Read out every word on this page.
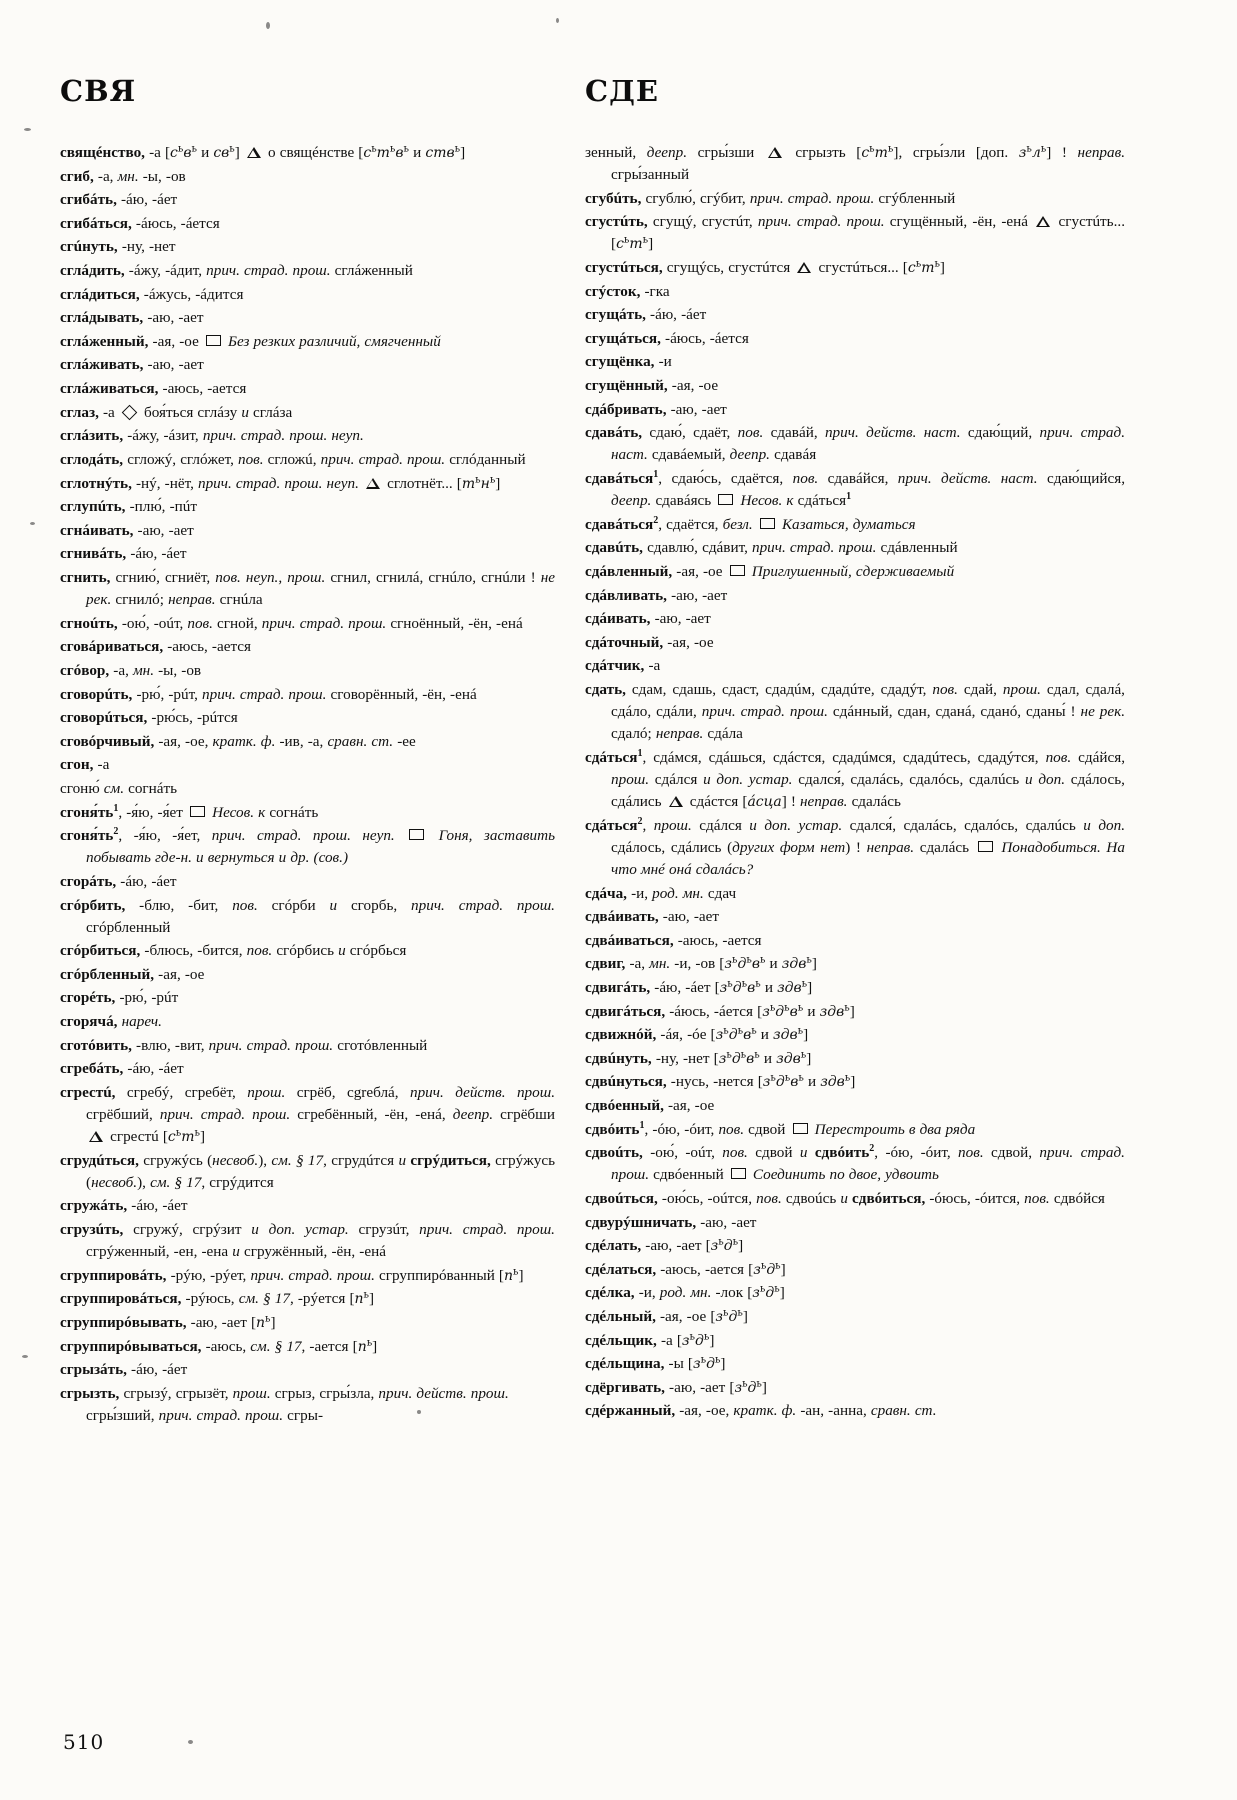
СВЯ

свящéнство, -а [$с^ьв^ь$ и $св^ь$]  о свящéнстве [$с^ьт^ьв^ь$ и ств$^ь$]

сгиб, -а, мн. -ы, -ов

сгибáть, -áю, -áет

сгибáться, -áюсь, -áется

сгúнуть, -ну, -нет

сглáдить, -áжу, -áдит, прич. страд. прош. сглáженный

сглáдиться, -áжусь, -áдится

сглáдывать, -аю, -ает

сглáженный, -ая, -ое  Без резких различий, смягченный

сглáживать, -аю, -ает

сглáживаться, -аюсь, -ается

сглаз, -а  боя́ться сглáзу и сглáза

сглáзить, -áжу, -áзит, прич. страд. прош. неуп.

сглодáть, сгложý, сглóжет, пов. сгложú, прич. страд. прош. сглóданный

сглотнýть, -нý, -нёт, прич. страд. прош. неуп.  сглотнёт... $[т^ьн^ь]$

сглупúть, -плю́, -пúт

сгнáивать, -аю, -ает

сгнивáть, -áю, -áет

сгнить, сгнию́, сгниёт, пов. неуп., прош. сгнил, сгнилá, сгнúло, сгнúли ! не рек. сгнилó; неправ. сгнúла

сгноúть, -ою́, -оúт, пов. сгной, прич. страд. прош. сгноённый, -ён, -енá

сговáриваться, -аюсь, -ается

сгóвор, -а, мн. -ы, -ов

сговорúть, -рю́, -рúт, прич. страд. прош. сговорённый, -ён, -енá

сговорúться, -рю́сь, -рúтся

сговóрчивый, -ая, -ое, кратк. ф. -ив, -а, сравн. ст. -ее

сгон, -а

сгоню́ см. согнáть

$сгоня́ть^1$, -я́ю, -я́ет  Несов. к согнáть

$сгоня́ть^2$, -я́ю, -я́ет, прич. страд. прош. неуп.	Гоня, заставить побывать где-н. и вернуться и др. (сов.)

сгорáть, -áю, -áет

сгóрбить, -блю, -бит, пов. сгóрби и сгорбь, прич. страд. прош. сгóрбленный

сгóрбиться, -блюсь, -бится, пов. сгóрбись и сгóрбься

сгóрбленный, -ая, -ое

сгорéть, -рю́, -рúт

сгорячá, нареч.

сготóвить, -влю, -вит, прич. страд. прош. сготóвленный

сгребáть, -áю, -áет

сгрестú, сгребý, сгребёт, прош. сгрёб, сgreблá, прич. действ. прош. сгрёбший, прич. страд. прош. сгребённый, -ён, -енá, деепр. сгрёбши  сгрестú $[с^ьт^ь]$

сгрудúться, сгружýсь (несвоб.), см. § 17, сгрудúтся и сгрýдиться, сгрýжусь (несвоб.), см. § 17, сгрýдится

сгружáть, -áю, -áет

сгрузúть, сгружý, сгрýзит и доп. устар. сгрузúт, прич. страд. прош. сгрýженный, -ен, -ена и сгружённый, -ён, -енá

сгруппировáть, -рýю, -рýет, прич. страд. прош. сгруппирóванный $[п^ь]$

сгруппировáться, -рýюсь, см. § 17, -рýется $[п^ь]$

сгруппирóвывать, -аю, -ает $[п^ь]$

сгруппирóвываться, -аюсь, см. § 17, -ается $[п^ь]$

сгрызáть, -áю, -áет

сгрызть, сгрызý, сгрызёт, прош. сгрыз, сгры́зла, прич. действ. прош. сгры́зший, прич. страд. прош. сгры-

СДЕ

зенный, деепр. сгры́зши  сгрызть $[с^ьт^ь]$, сгры́зли [доп. $з^ьл^ь$] ! неправ. сгры́занный

сгубúть, сгублю́, сгýбит, прич. страд. прош. сгýбленный

сгустúть, сгущý, сгустúт, прич. страд. прош. сгущённый, -ён, -енá  сгустúть... $[с^ьт^ь]$

сгустúться, сгущýсь, сгустúтся  сгустúться... $[с^ьт^ь]$

сгýсток, -гка

сгущáть, -áю, -áет

сгущáться, -áюсь, -áется

сгущёнка, -и

сгущённый, -ая, -ое

сдáбривать, -аю, -ает

сдавáть, сдаю́, сдаёт, пов. сдавáй, прич. действ. наст. сдаю́щий, прич. страд. наст. сдавáемый, деепр. сдавáя

сдавáться$^1$, сдаю́сь, сдаётся, пов. сдавáйся, прич. действ. наст. сдаю́щийся, деепр. сдавáясь  Несов. к сдáться$^1$

сдавáться$^2$, сдаётся, безл. Казаться, думаться

сдавúть, сдавлю́, сдáвит, прич. страд. прош. сдáвленный

сдáвленный, -ая, -ое  Приглушенный, сдерживаемый

сдáвливать, -аю, -ает

сдáивать, -аю, -ает

сдáточный, -ая, -ое

сдáтчик, -а

сдать, сдам, сдашь, сдаст, сдадúм, сдадúте, сдадýт, пов. сдай, прош. сдал, сдалá, сдáло, сдáли, прич. страд. прош. сдáнный, сдан, сданá, сданó, сданы́ ! не рек. сдалó; неправ. сдáла

сдáться$^1$, сдáмся, сдáшься, сдáстся, сдадúмся, сдадúтесь, сдадýтся, пов. сдáйся, прош. сдáлся и доп. устар. сдался́, сдалáсь, сдалóсь, сдалúсь и доп. сдáлось, сдáлись  сдáстся [áсца] ! неправ. сдалáсь

сдáться$^2$, прош. сдáлся и доп. устар. сдался́, сдалáсь, сдалóсь, сдалúсь и доп. сдáлось, сдáлись (других форм нет) ! неправ. сдалáсь  Понадобиться. На что мнé онá сдалáсь?

сдáча, -и, род. мн. сдач

сдвáивать, -аю, -ает

сдвáиваться, -аюсь, -ается

сдвиг, -а, мн. -и, -ов [$з^ьд^ьв^ь$ и здв$^ь$]

сдвигáть, -áю, -áет [$з^ьд^ьв^ь$ и здв$^ь$]

сдвигáться, -áюсь, -áется [$з^ьд^ьв^ь$ и здв$^ь$]

сдвижнóй, -áя, -óе [$з^ьд^ьв^ь$ и здв$^ь$]

сдвúнуть, -ну, -нет [$з^ьд^ьв^ь$ и здв$^ь$]

сдвúнуться, -нусь, -нется [$з^ьд^ьв^ь$ и здв$^ь$]

сдвóенный, -ая, -ое

сдвóить$^1$, -óю, -óит, пов. сдвой  Перестроить в два ряда

сдвоúть, -ою́, -оúт, пов. сдвой и сдвóить$^2$, -óю, -óит, пов. сдвой, прич. страд. прош. сдвóенный  Соединить по двое, удвоить

сдвоúться, -ою́сь, -оúтся, пов. сдвоúсь и сдвóиться, -óюсь, -óится, пов. сдвóйся

сдвурýшничать, -аю, -ает

сдéлать, -аю, -ает $[з^ьд^ь]$

сдéлаться, -аюсь, -ается $[з^ьд^ь]$

сдéлка, -и, род. мн. -лок $[з^ьд^ь]$

сдéльный, -ая, -ое $[з^ьд^ь]$

сдéльщик, -а $[з^ьд^ь]$

сдéльщина, -ы $[з^ьд^ь]$

сдёргивать, -аю, -ает $[з^ьд^ь]$

сдéржанный, -ая, -ое, кратк. ф. -ан, -анна, сравн. ст.

510
